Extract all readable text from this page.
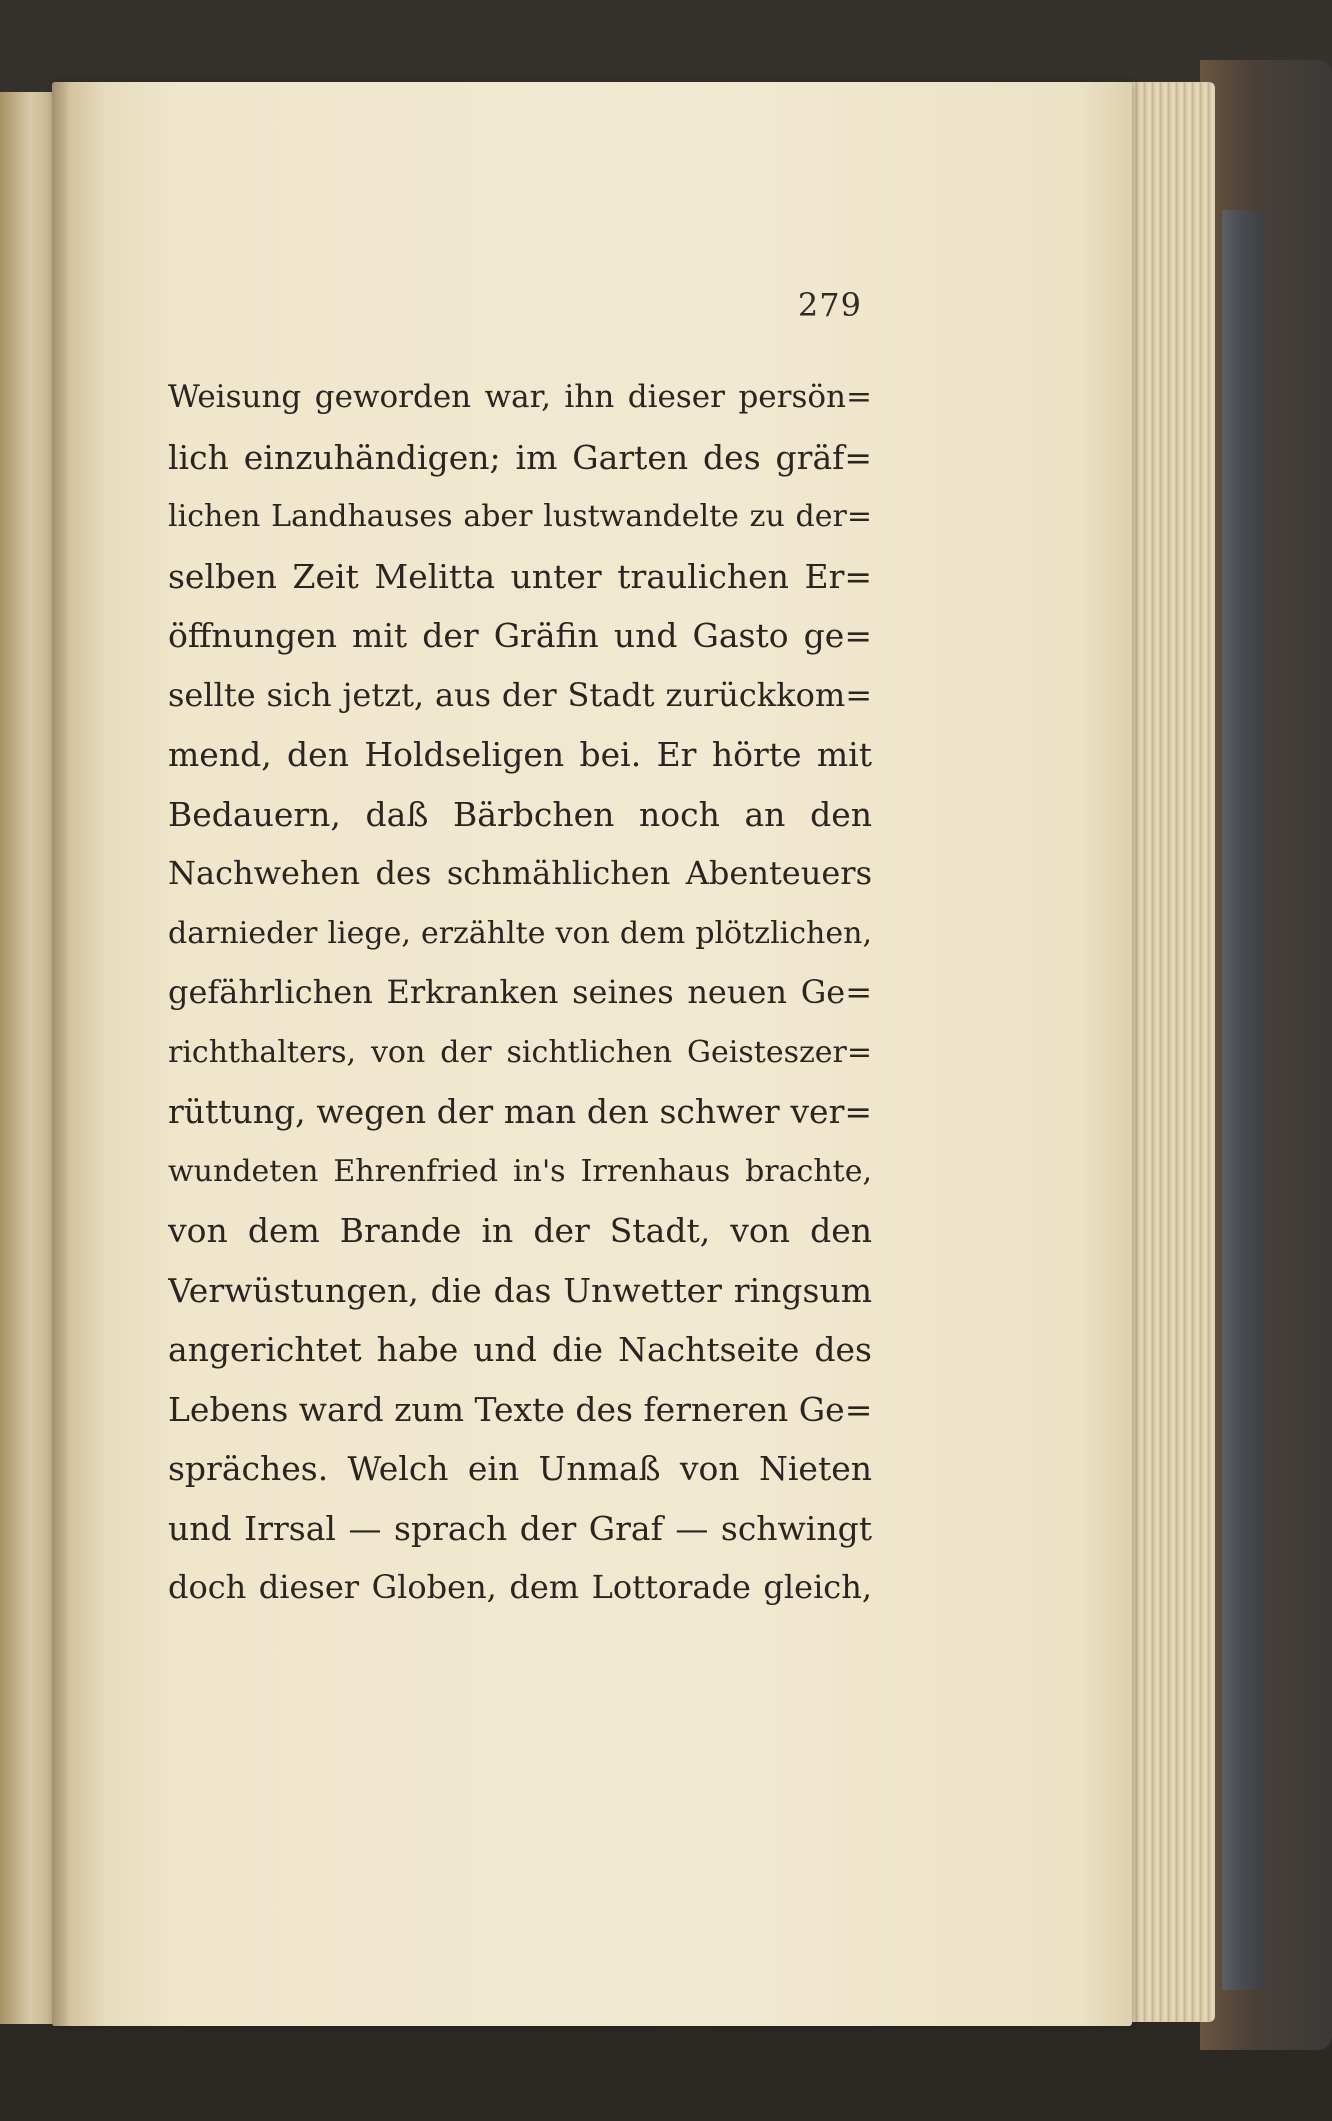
279
Weisung geworden war, ihn dieser persön=
lich einzuhändigen; im Garten des gräf=
lichen Landhauses aber lustwandelte zu der=
selben Zeit Melitta unter traulichen Er=
öffnungen mit der Gräfin und Gasto ge=
sellte sich jetzt, aus der Stadt zurückkom=
mend, den Holdseligen bei. Er hörte mit
Bedauern, daß Bärbchen noch an den
Nachwehen des schmählichen Abenteuers
darnieder liege, erzählte von dem plötzlichen,
gefährlichen Erkranken seines neuen Ge=
richthalters, von der sichtlichen Geisteszer=
rüttung, wegen der man den schwer ver=
wundeten Ehrenfried in's Irrenhaus brachte,
von dem Brande in der Stadt, von den
Verwüstungen, die das Unwetter ringsum
angerichtet habe und die Nachtseite des
Lebens ward zum Texte des ferneren Ge=
spräches. Welch ein Unmaß von Nieten
und Irrsal — sprach der Graf — schwingt
doch dieser Globen, dem Lottorade gleich,
